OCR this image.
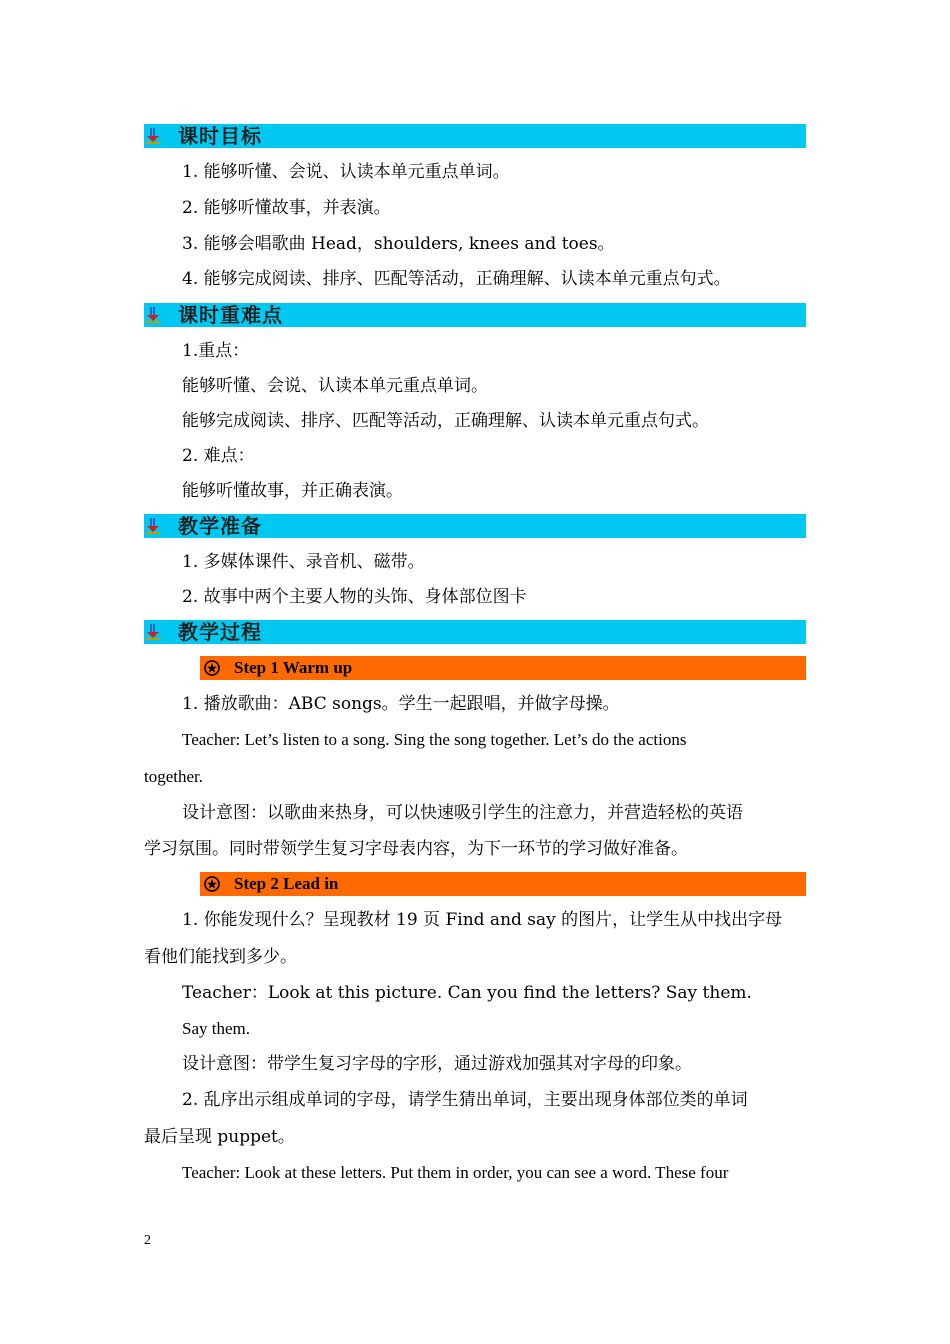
课时目标
1. 能够听懂、会说、认读本单元重点单词。
2. 能够听懂故事，并表演。
3. 能够会唱歌曲 Head，shoulders, knees and toes。
4. 能够完成阅读、排序、匹配等活动，正确理解、认读本单元重点句式。
课时重难点
1.重点：
能够听懂、会说、认读本单元重点单词。
能够完成阅读、排序、匹配等活动，正确理解、认读本单元重点句式。
2. 难点：
能够听懂故事，并正确表演。
教学准备
1. 多媒体课件、录音机、磁带。
2. 故事中两个主要人物的头饰、身体部位图卡
教学过程
Step 1 Warm up
1. 播放歌曲：ABC songs。学生一起跟唱，并做字母操。
Teacher: Let’s listen to a song. Sing the song together. Let’s do the actions
together.
设计意图：以歌曲来热身，可以快速吸引学生的注意力，并营造轻松的英语
学习氛围。同时带领学生复习字母表内容，为下一环节的学习做好准备。
Step 2 Lead in
1. 你能发现什么？呈现教材 19 页 Find and say 的图片，让学生从中找出字母
看他们能找到多少。
Teacher：Look at this picture. Can you find the letters? Say them.
Say them.
设计意图：带学生复习字母的字形，通过游戏加强其对字母的印象。
2. 乱序出示组成单词的字母，请学生猜出单词，主要出现身体部位类的单词
最后呈现 puppet。
Teacher: Look at these letters. Put them in order, you can see a word. These four
2
